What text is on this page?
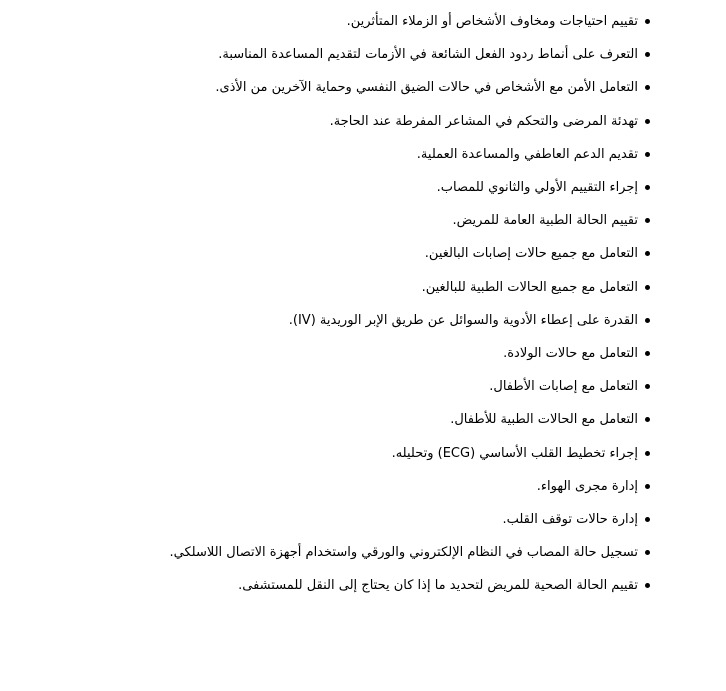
تقييم احتياجات ومخاوف الأشخاص أو الزملاء المتأثرين.
التعرف على أنماط ردود الفعل الشائعة في الأزمات لتقديم المساعدة المناسبة.
التعامل الأمن مع الأشخاص في حالات الضيق النفسي وحماية الآخرين من الأذى.
تهدئة المرضى والتحكم في المشاعر المفرطة عند الحاجة.
تقديم الدعم العاطفي والمساعدة العملية.
إجراء التقييم الأولي والثانوي للمصاب.
تقييم الحالة الطبية العامة للمريض.
التعامل مع جميع حالات إصابات البالغين.
التعامل مع جميع الحالات الطبية للبالغين.
القدرة على إعطاء الأدوية والسوائل عن طريق الإبر الوريدية (IV).
التعامل مع حالات الولادة.
التعامل مع إصابات الأطفال.
التعامل مع الحالات الطبية للأطفال.
إجراء تخطيط القلب الأساسي (ECG) وتحليله.
إدارة مجرى الهواء.
إدارة حالات توقف القلب.
تسجيل حالة المصاب في النظام الإلكتروني والورقي واستخدام أجهزة الاتصال اللاسلكي.
تقييم الحالة الصحية للمريض لتحديد ما إذا كان يحتاج إلى النقل للمستشفى.
